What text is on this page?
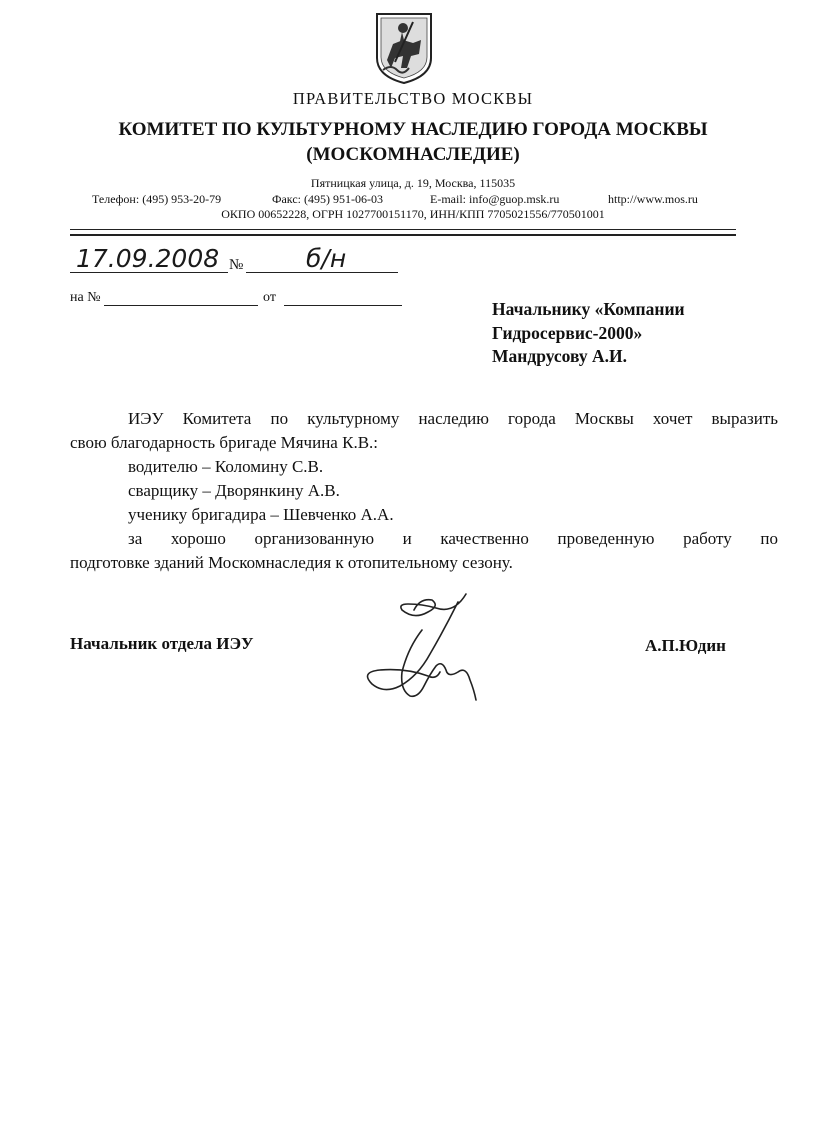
ПРАВИТЕЛЬСТВО МОСКВЫ
КОМИТЕТ ПО КУЛЬТУРНОМУ НАСЛЕДИЮ ГОРОДА МОСКВЫ
(МОСКОМНАСЛЕДИЕ)
Пятницкая улица, д. 19, Москва, 115035
Телефон: (495) 953-20-79	Факс: (495) 951-06-03	E-mail: info@guop.msk.ru	http://www.mos.ru
ОКПО 00652228, ОГРН 1027700151170, ИНН/КПП 7705021556/770501001
17.09.2008 №	б/н
на №	от
Начальнику «Компании
Гидросервис-2000»
Мандрусову А.И.
ИЭУ Комитета по культурному наследию города Москвы хочет выразить
свою благодарность бригаде Мячина К.В.:
водителю – Коломину С.В.
сварщику – Дворянкину А.В.
ученику бригадира – Шевченко А.А.
за хорошо организованную и качественно проведенную работу по
подготовке зданий Москомнаследия к отопительному сезону.
Начальник отдела ИЭУ	А.П.Юдин
